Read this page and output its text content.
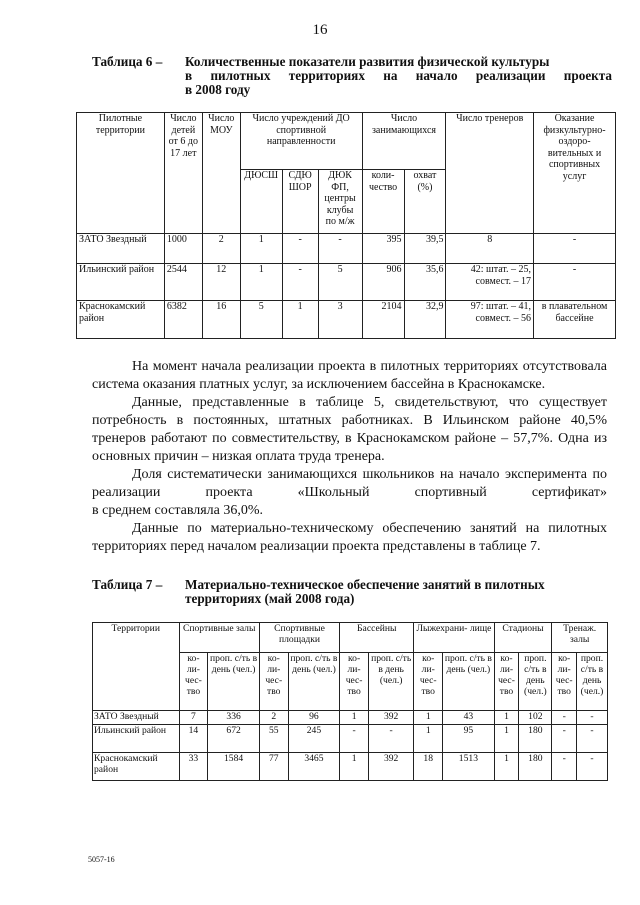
16
Таблица 6 – Количественные показатели развития физической культуры
в пилотных территориях на начало реализации проекта
в 2008 году
Пилотные территории	Число детей от 6 до 17 лет	Число МОУ	Число учреждений ДО спортивной направленности			Число занимающихся		Число тренеров	Оказание физкультурно- оздоро- вительных и спортивных услуг
			ДЮСШ	СДЮ ШОР	ДЮК ФП, центры клубы по м/ж	коли- чество	охват (%)		
ЗАТО Звездный	1000	2	1	-	-	395	39,5	8	-
Ильинский район	2544	12	1	-	5	906	35,6	42: штат. – 25, совмест. – 17	-
Краснокамский район	6382	16	5	1	3	2104	32,9	97: штат. – 41, совмест. – 56	в плавательном бассейне

На момент начала реализации проекта в пилотных территориях отсутствовала система оказания платных услуг, за исключением бассейна в Краснокамске.

Данные, представленные в таблице 5, свидетельствуют, что существует потребность в постоянных, штатных работниках. В Ильинском районе 40,5% тренеров работают по совместительству, в Краснокамском районе – 57,7%. Одна из основных причин – низкая оплата труда тренера.

Доля систематически занимающихся школьников на начало эксперимента по реализации проекта «Школьный спортивный сертификат»

в среднем составляла 36,0%.

Данные по материально-техническому обеспечению занятий на пилотных территориях перед началом реализации проекта представлены в таблице 7.

Таблица 7 – Материально-техническое обеспечение занятий в пилотных
территориях (май 2008 года)
Территории	Спортивные залы		Спортивные площадки		Бассейны		Лыжехрани- лище		Стадионы		Тренаж. залы	
	ко- ли- чес- тво	проп. с/ть в день (чел.)	ко- ли- чес- тво	проп. с/ть в день (чел.)	ко- ли- чес- тво	проп. с/ть в день (чел.)	ко- ли- чес- тво	проп. с/ть в день (чел.)	ко- ли- чес- тво	проп. с/ть в день (чел.)	ко- ли- чес- тво	проп. с/ть в день (чел.)
ЗАТО Звездный	7	336	2	96	1	392	1	43	1	102	-	-
Ильинский район	14	672	55	245	-	-	1	95	1	180	-	-
Краснокамский район	33	1584	77	3465	1	392	18	1513	1	180	-	-
5057-16
